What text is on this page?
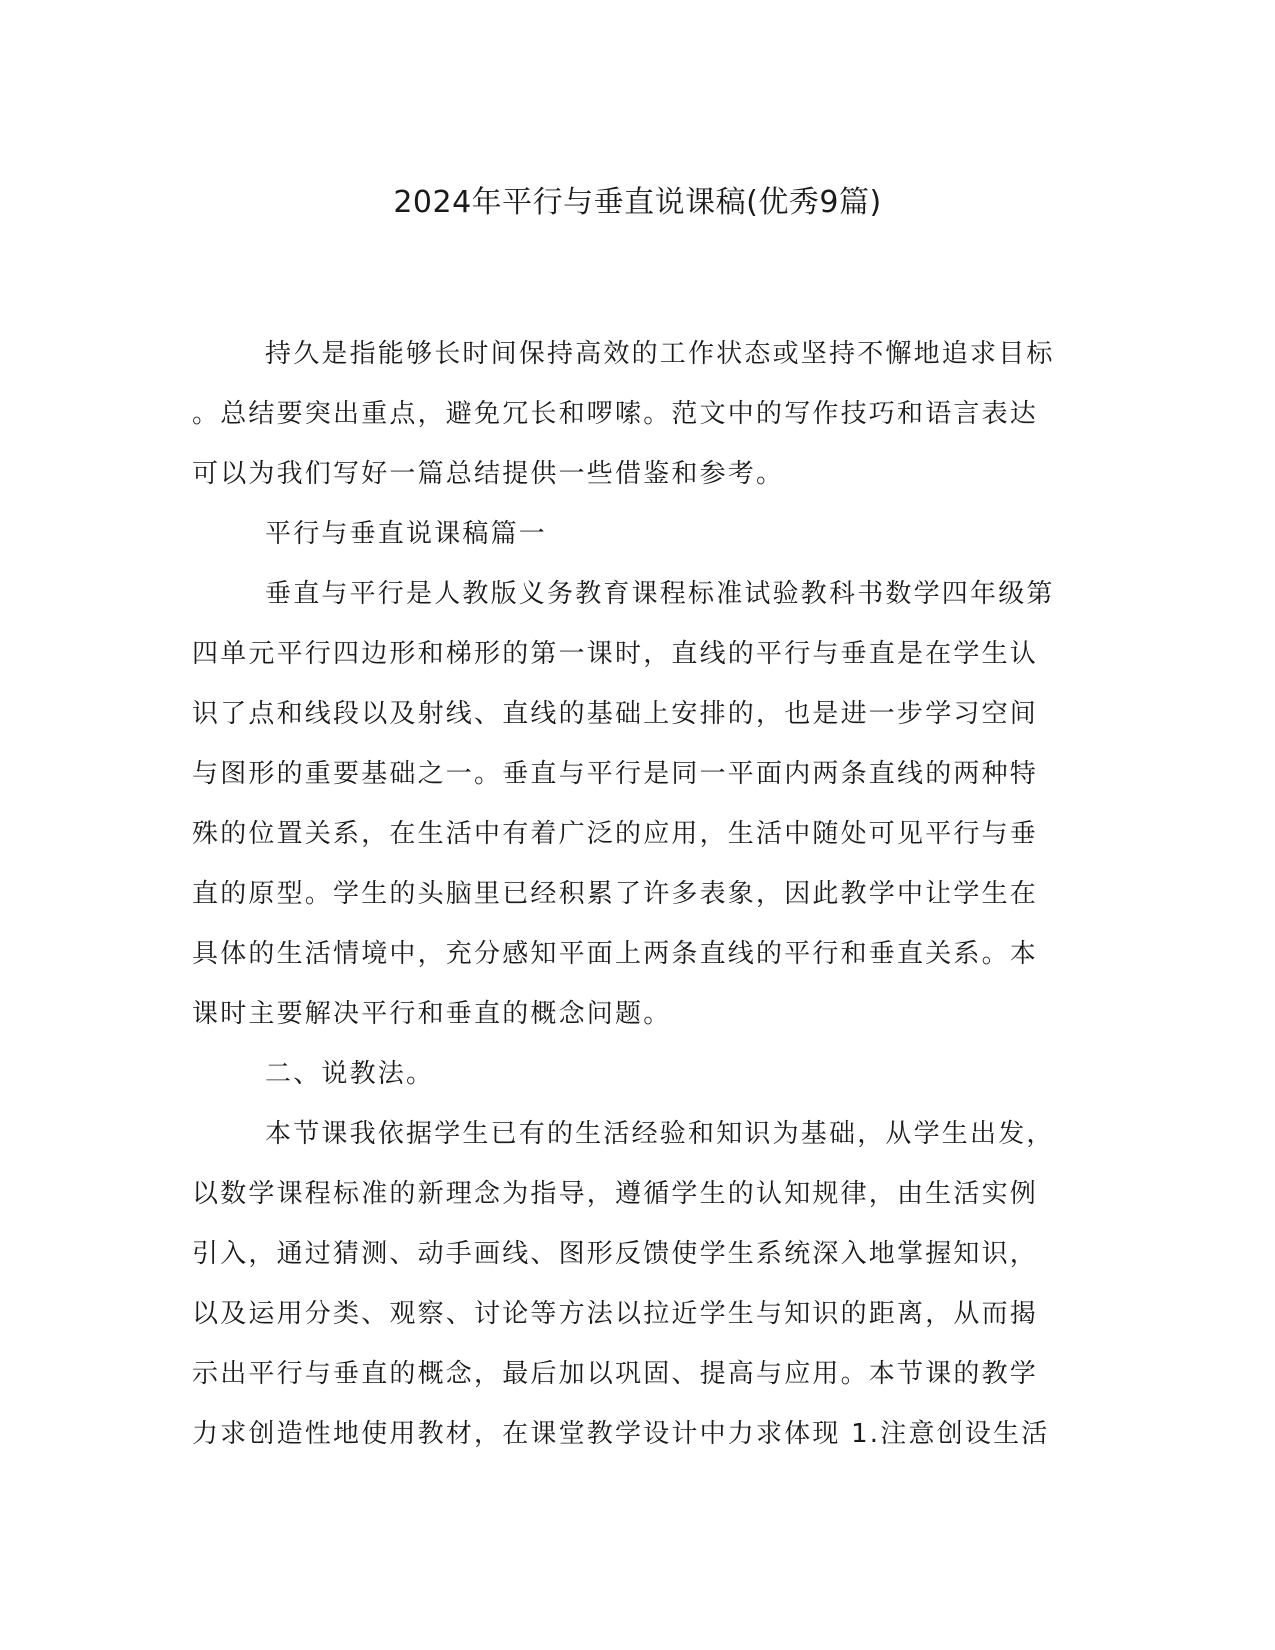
2024年平行与垂直说课稿(优秀9篇)
持久是指能够长时间保持高效的工作状态或坚持不懈地追求目标
。总结要突出重点，避免冗长和啰嗦。范文中的写作技巧和语言表达
可以为我们写好一篇总结提供一些借鉴和参考。
平行与垂直说课稿篇一
垂直与平行是人教版义务教育课程标准试验教科书数学四年级第
四单元平行四边形和梯形的第一课时，直线的平行与垂直是在学生认
识了点和线段以及射线、直线的基础上安排的，也是进一步学习空间
与图形的重要基础之一。垂直与平行是同一平面内两条直线的两种特
殊的位置关系，在生活中有着广泛的应用，生活中随处可见平行与垂
直的原型。学生的头脑里已经积累了许多表象，因此教学中让学生在
具体的生活情境中，充分感知平面上两条直线的平行和垂直关系。本
课时主要解决平行和垂直的概念问题。
二、说教法。
本节课我依据学生已有的生活经验和知识为基础，从学生出发，
以数学课程标准的新理念为指导，遵循学生的认知规律，由生活实例
引入，通过猜测、动手画线、图形反馈使学生系统深入地掌握知识，
以及运用分类、观察、讨论等方法以拉近学生与知识的距离，从而揭
示出平行与垂直的概念，最后加以巩固、提高与应用。本节课的教学
力求创造性地使用教材，在课堂教学设计中力求体现 1.注意创设生活
